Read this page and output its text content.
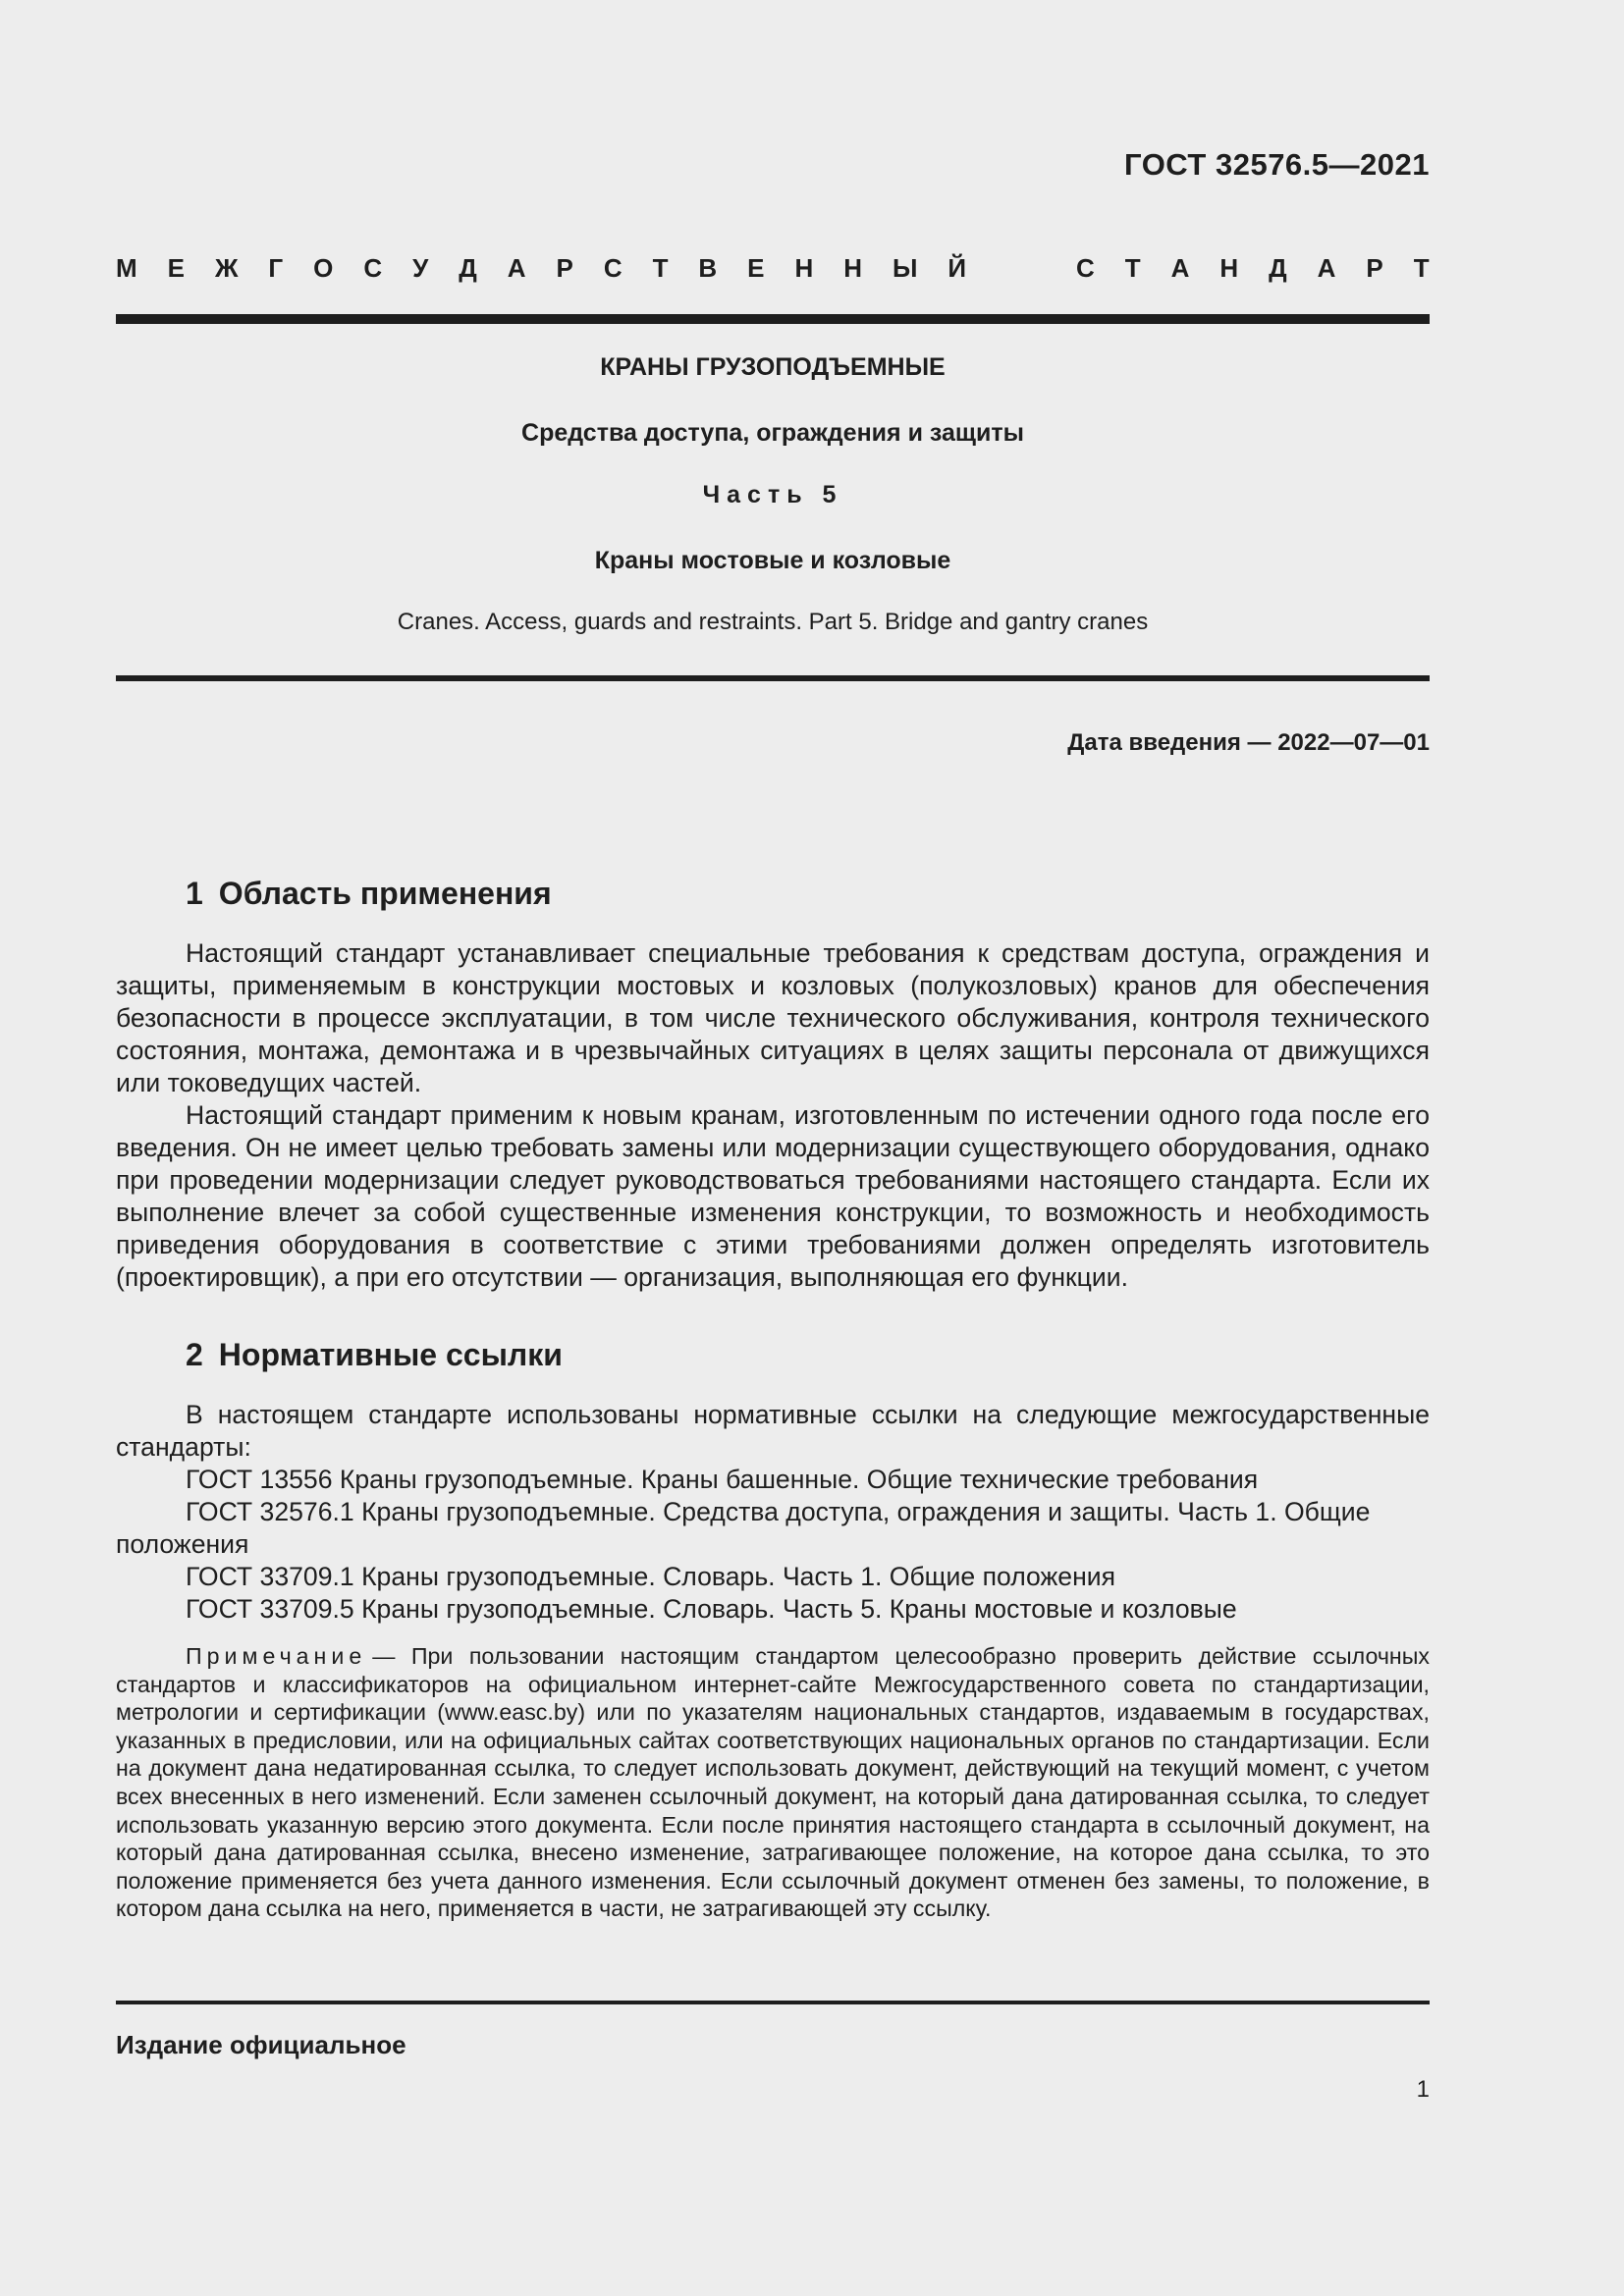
ГОСТ 32576.5—2021
М Е Ж Г О С У Д А Р С Т В Е Н Н Ы Й	С Т А Н Д А Р Т
КРАНЫ ГРУЗОПОДЪЕМНЫЕ
Средства доступа, ограждения и защиты
Часть 5
Краны мостовые и козловые
Cranes. Access, guards and restraints. Part 5. Bridge and gantry cranes
Дата введения — 2022—07—01
1 Область применения

Настоящий стандарт устанавливает специальные требования к средствам доступа, ограждения и защиты, применяемым в конструкции мостовых и козловых (полукозловых) кранов для обеспечения безопасности в процессе эксплуатации, в том числе технического обслуживания, контроля технического состояния, монтажа, демонтажа и в чрезвычайных ситуациях в целях защиты персонала от движущихся или токоведущих частей.

Настоящий стандарт применим к новым кранам, изготовленным по истечении одного года после его введения. Он не имеет целью требовать замены или модернизации существующего оборудования, однако при проведении модернизации следует руководствоваться требованиями настоящего стандарта. Если их выполнение влечет за собой существенные изменения конструкции, то возможность и необходимость приведения оборудования в соответствие с этими требованиями должен определять изготовитель (проектировщик), а при его отсутствии — организация, выполняющая его функции.

2 Нормативные ссылки

В настоящем стандарте использованы нормативные ссылки на следующие межгосударственные стандарты:

ГОСТ 13556 Краны грузоподъемные. Краны башенные. Общие технические требования

ГОСТ 32576.1 Краны грузоподъемные. Средства доступа, ограждения и защиты. Часть 1. Общие положения

ГОСТ 33709.1 Краны грузоподъемные. Словарь. Часть 1. Общие положения

ГОСТ 33709.5 Краны грузоподъемные. Словарь. Часть 5. Краны мостовые и козловые

Примечание — При пользовании настоящим стандартом целесообразно проверить действие ссылочных стандартов и классификаторов на официальном интернет-сайте Межгосударственного совета по стандартизации, метрологии и сертификации (www.easc.by) или по указателям национальных стандартов, издаваемым в государствах, указанных в предисловии, или на официальных сайтах соответствующих национальных органов по стандартизации. Если на документ дана недатированная ссылка, то следует использовать документ, действующий на текущий момент, с учетом всех внесенных в него изменений. Если заменен ссылочный документ, на который дана датированная ссылка, то следует использовать указанную версию этого документа. Если после принятия настоящего стандарта в ссылочный документ, на который дана датированная ссылка, внесено изменение, затрагивающее положение, на которое дана ссылка, то это положение применяется без учета данного изменения. Если ссылочный документ отменен без замены, то положение, в котором дана ссылка на него, применяется в части, не затрагивающей эту ссылку.

Издание официальное
1
